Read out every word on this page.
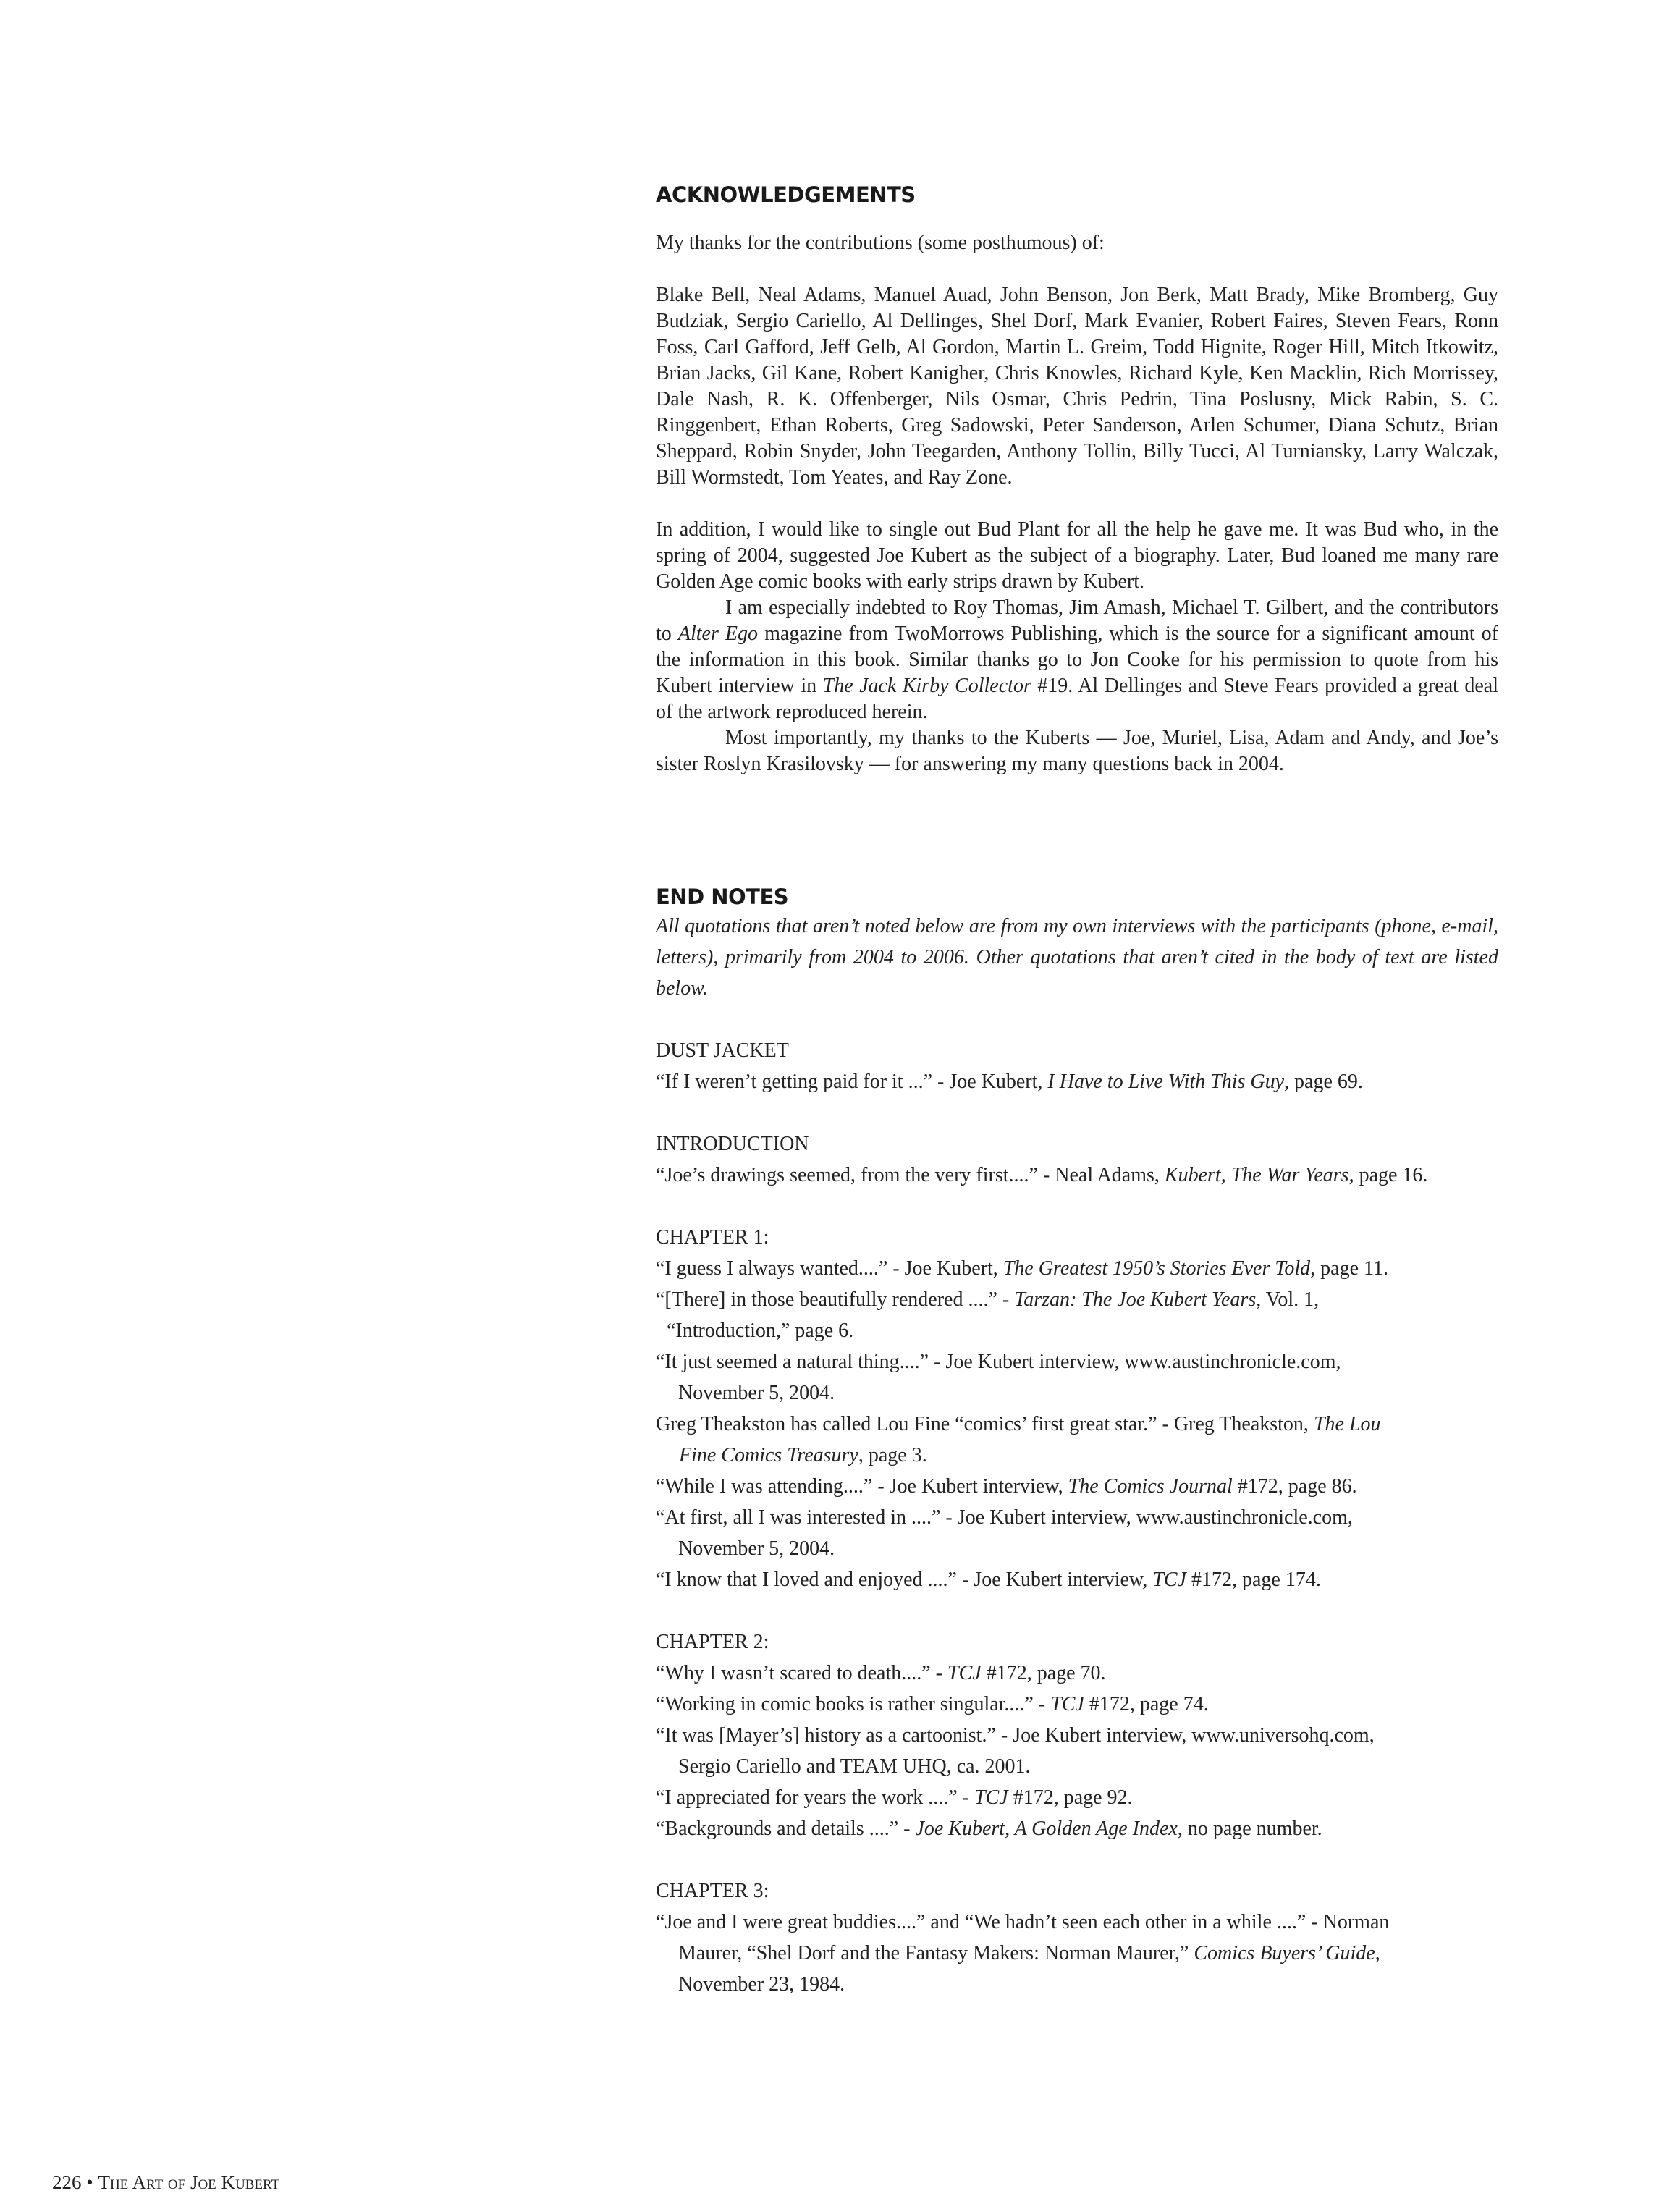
ACKNOWLEDGEMENTS

My thanks for the contributions (some posthumous) of:

Blake Bell, Neal Adams, Manuel Auad, John Benson, Jon Berk, Matt Brady, Mike Bromberg, Guy Budziak, Sergio Cariello, Al Dellinges, Shel Dorf, Mark Evanier, Robert Faires, Steven Fears, Ronn Foss, Carl Gafford, Jeff Gelb, Al Gordon, Martin L. Greim, Todd Hignite, Roger Hill, Mitch Itkowitz, Brian Jacks, Gil Kane, Robert Kanigher, Chris Knowles, Richard Kyle, Ken Macklin, Rich Morrissey, Dale Nash, R. K. Offenberger, Nils Osmar, Chris Pedrin, Tina Poslusny, Mick Rabin, S. C. Ringgenbert, Ethan Roberts, Greg Sadowski, Peter Sanderson, Arlen Schumer, Diana Schutz, Brian Sheppard, Robin Snyder, John Teegarden, Anthony Tollin, Billy Tucci, Al Turniansky, Larry Walczak, Bill Wormstedt, Tom Yeates, and Ray Zone.

In addition, I would like to single out Bud Plant for all the help he gave me. It was Bud who, in the spring of 2004, suggested Joe Kubert as the subject of a biography. Later, Bud loaned me many rare Golden Age comic books with early strips drawn by Kubert.

I am especially indebted to Roy Thomas, Jim Amash, Michael T. Gilbert, and the contributors to Alter Ego magazine from TwoMorrows Publishing, which is the source for a significant amount of the information in this book. Similar thanks go to Jon Cooke for his permission to quote from his Kubert interview in The Jack Kirby Collector #19. Al Dellinges and Steve Fears provided a great deal of the artwork reproduced herein.

Most importantly, my thanks to the Kuberts — Joe, Muriel, Lisa, Adam and Andy, and Joe’s sister Roslyn Krasilovsky — for answering my many questions back in 2004.

END NOTES

All quotations that aren’t noted below are from my own interviews with the participants (phone, e-mail, letters), primarily from 2004 to 2006. Other quotations that aren’t cited in the body of text are listed below.

DUST JACKET

“If I weren’t getting paid for it ...” - Joe Kubert, I Have to Live With This Guy, page 69.

INTRODUCTION

“Joe’s drawings seemed, from the very first....” - Neal Adams, Kubert, The War Years, page 16.

CHAPTER 1:

“I guess I always wanted....” - Joe Kubert, The Greatest 1950’s Stories Ever Told, page 11.

“[There] in those beautifully rendered ....” - Tarzan: The Joe Kubert Years, Vol. 1,
“Introduction,” page 6.

“It just seemed a natural thing....” - Joe Kubert interview, www.austinchronicle.com,
November 5, 2004.

Greg Theakston has called Lou Fine “comics’ first great star.” - Greg Theakston, The Lou
Fine Comics Treasury, page 3.

“While I was attending....” - Joe Kubert interview, The Comics Journal #172, page 86.

“At first, all I was interested in ....” - Joe Kubert interview, www.austinchronicle.com,
November 5, 2004.

“I know that I loved and enjoyed ....” - Joe Kubert interview, TCJ #172, page 174.

CHAPTER 2:

“Why I wasn’t scared to death....” - TCJ #172, page 70.

“Working in comic books is rather singular....” - TCJ #172, page 74.

“It was [Mayer’s] history as a cartoonist.” - Joe Kubert interview, www.universohq.com,
Sergio Cariello and TEAM UHQ, ca. 2001.

“I appreciated for years the work ....” - TCJ #172, page 92.

“Backgrounds and details ....” - Joe Kubert, A Golden Age Index, no page number.

CHAPTER 3:

“Joe and I were great buddies....” and “We hadn’t seen each other in a while ....” - Norman
Maurer, “Shel Dorf and the Fantasy Makers: Norman Maurer,” Comics Buyers’ Guide,
November 23, 1984.

226 • The Art of Joe Kubert
